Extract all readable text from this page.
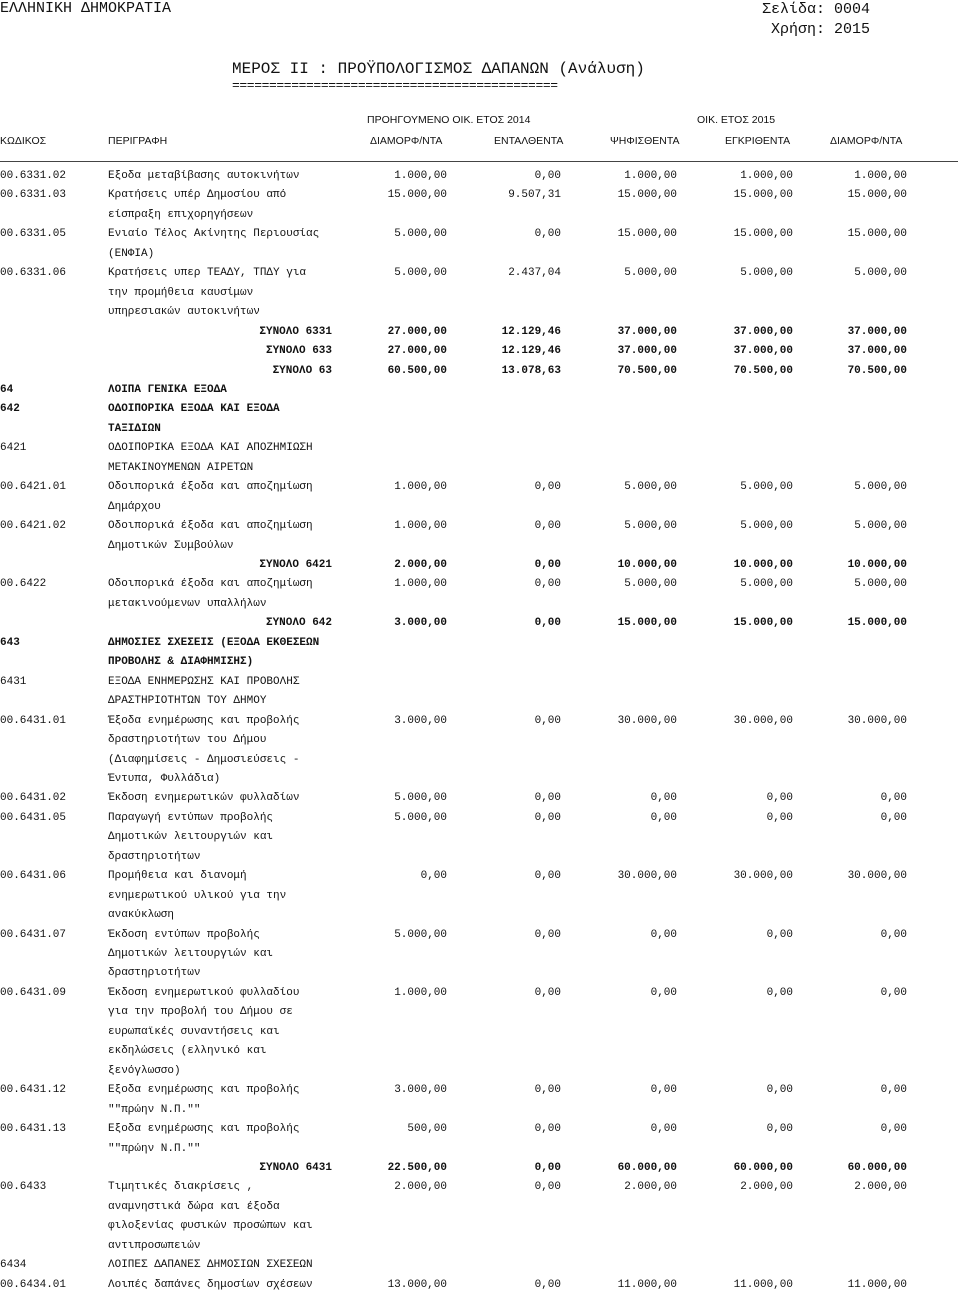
ΕΛΛΗΝΙΚΗ ΔΗΜΟΚΡΑΤΙΑ	Σελίδα: 0004
Χρήση: 2015
ΜΕΡΟΣ ΙΙ : ΠΡΟΫΠΟΛΟΓΙΣΜΟΣ ΔΑΠΑΝΩΝ (Ανάλυση)
============================================
ΠΡΟΗΓΟΥΜΕΝΟ ΟΙΚ. ΕΤΟΣ 2014	ΟΙΚ. ΕΤΟΣ 2015
ΚΩΔΙΚΟΣ	ΠΕΡΙΓΡΑΦΗ	ΔΙΑΜΟΡΦ/ΝΤΑ	ΕΝΤΑΛΘΕΝΤΑ	ΨΗΦΙΣΘΕΝΤΑ	ΕΓΚΡΙΘΕΝΤΑ	ΔΙΑΜΟΡΦ/ΝΤΑ
00.6331.02	Εξοδα μεταβίβασης αυτοκινήτων	1.000,00	0,00	1.000,00	1.000,00	1.000,00
00.6331.03	Κρατήσεις υπέρ Δημοσίου από	15.000,00	9.507,31	15.000,00	15.000,00	15.000,00
είσπραξη επιχορηγήσεων
00.6331.05	Ενιαίο Τέλος Ακίνητης Περιουσίας	5.000,00	0,00	15.000,00	15.000,00	15.000,00
(ΕΝΦΙΑ)
00.6331.06	Κρατήσεις υπερ ΤΕΑΔΥ, ΤΠΔΥ για	5.000,00	2.437,04	5.000,00	5.000,00	5.000,00
την προμήθεια καυσίμων
υπηρεσιακών αυτοκινήτων
ΣΥΝΟΛΟ 6331	27.000,00	12.129,46	37.000,00	37.000,00	37.000,00
ΣΥΝΟΛΟ 633	27.000,00	12.129,46	37.000,00	37.000,00	37.000,00
ΣΥΝΟΛΟ 63	60.500,00	13.078,63	70.500,00	70.500,00	70.500,00
64	ΛΟΙΠΑ ΓΕΝΙΚΑ ΕΞΟΔΑ
642	ΟΔΟΙΠΟΡΙΚΑ ΕΞΟΔΑ ΚΑΙ ΕΞΟΔΑ
ΤΑΞΙΔΙΩΝ
6421	ΟΔΟΙΠΟΡΙΚΑ ΕΞΟΔΑ ΚΑΙ ΑΠΟΖΗΜΙΩΣΗ
ΜΕΤΑΚΙΝΟΥΜΕΝΩΝ ΑΙΡΕΤΩΝ
00.6421.01	Οδοιπορικά έξοδα και αποζημίωση	1.000,00	0,00	5.000,00	5.000,00	5.000,00
Δημάρχου
00.6421.02	Οδοιπορικά έξοδα και αποζημίωση	1.000,00	0,00	5.000,00	5.000,00	5.000,00
Δημοτικών Συμβούλων
ΣΥΝΟΛΟ 6421	2.000,00	0,00	10.000,00	10.000,00	10.000,00
00.6422	Οδοιπορικά έξοδα και αποζημίωση	1.000,00	0,00	5.000,00	5.000,00	5.000,00
μετακινούμενων υπαλλήλων
ΣΥΝΟΛΟ 642	3.000,00	0,00	15.000,00	15.000,00	15.000,00
643	ΔΗΜΟΣΙΕΣ ΣΧΕΣΕΙΣ (ΕΞΟΔΑ ΕΚΘΕΣΕΩΝ
ΠΡΟΒΟΛΗΣ & ΔΙΑΦΗΜΙΣΗΣ)
6431	ΕΞΟΔΑ ΕΝΗΜΕΡΩΣΗΣ ΚΑΙ ΠΡΟΒΟΛΗΣ
ΔΡΑΣΤΗΡΙΟΤΗΤΩΝ ΤΟΥ ΔΗΜΟΥ
00.6431.01	Έξοδα ενημέρωσης και προβολής	3.000,00	0,00	30.000,00	30.000,00	30.000,00
δραστηριοτήτων του Δήμου
(Διαφημίσεις - Δημοσιεύσεις -
Έντυπα, Φυλλάδια)
00.6431.02	Έκδοση ενημερωτικών φυλλαδίων	5.000,00	0,00	0,00	0,00	0,00
00.6431.05	Παραγωγή εντύπων προβολής	5.000,00	0,00	0,00	0,00	0,00
Δημοτικών λειτουργιών και
δραστηριοτήτων
00.6431.06	Προμήθεια και διανομή	0,00	0,00	30.000,00	30.000,00	30.000,00
ενημερωτικού υλικού για την
ανακύκλωση
00.6431.07	Έκδοση εντύπων προβολής	5.000,00	0,00	0,00	0,00	0,00
Δημοτικών λειτουργιών και
δραστηριοτήτων
00.6431.09	Έκδοση ενημερωτικού φυλλαδίου	1.000,00	0,00	0,00	0,00	0,00
για την προβολή του Δήμου σε
ευρωπαϊκές συναντήσεις και
εκδηλώσεις (ελληνικό και
ξενόγλωσσο)
00.6431.12	Εξοδα ενημέρωσης και προβολής	3.000,00	0,00	0,00	0,00	0,00
""πρώην Ν.Π.""
00.6431.13	Εξοδα ενημέρωσης και προβολής	500,00	0,00	0,00	0,00	0,00
""πρώην Ν.Π.""
ΣΥΝΟΛΟ 6431	22.500,00	0,00	60.000,00	60.000,00	60.000,00
00.6433	Τιμητικές διακρίσεις ,	2.000,00	0,00	2.000,00	2.000,00	2.000,00
αναμνηστικά δώρα και έξοδα
φιλοξενίας φυσικών προσώπων και
αντιπροσωπειών
6434	ΛΟΙΠΕΣ ΔΑΠΑΝΕΣ ΔΗΜΟΣΙΩΝ ΣΧΕΣΕΩΝ
00.6434.01	Λοιπές δαπάνες δημοσίων σχέσεων	13.000,00	0,00	11.000,00	11.000,00	11.000,00
